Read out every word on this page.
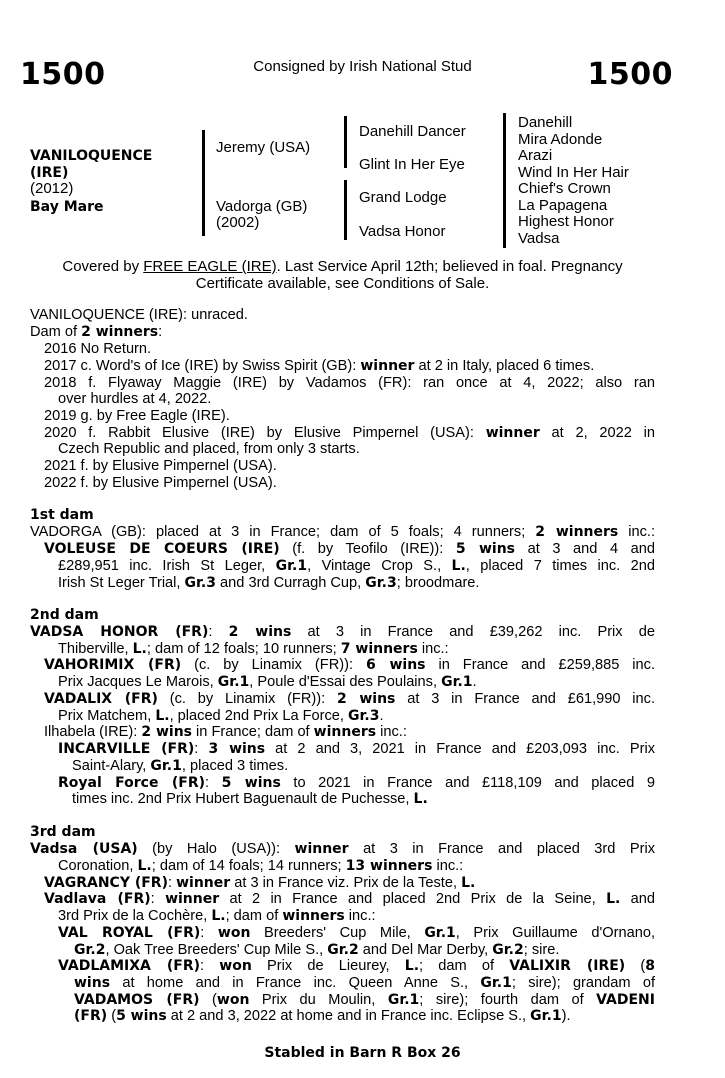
1500	1500
Consigned by Irish National Stud
VANILOQUENCE
(IRE)
(2012)
Bay Mare
Jeremy (USA)
Vadorga (GB)
(2002)
Danehill Dancer
Glint In Her Eye
Grand Lodge
Vadsa Honor
Danehill
Mira Adonde
Arazi
Wind In Her Hair
Chief's Crown
La Papagena
Highest Honor
Vadsa
Covered by FREE EAGLE (IRE). Last Service April 12th; believed in foal. Pregnancy
Certificate available, see Conditions of Sale.
VANILOQUENCE (IRE): unraced.
Dam of 2 winners:
2016 No Return.
2017 c. Word's of Ice (IRE) by Swiss Spirit (GB): winner at 2 in Italy, placed 6 times.
2018 f. Flyaway Maggie (IRE) by Vadamos (FR): ran once at 4, 2022; also ran
over hurdles at 4, 2022.
2019 g. by Free Eagle (IRE).
2020 f. Rabbit Elusive (IRE) by Elusive Pimpernel (USA): winner at 2, 2022 in
Czech Republic and placed, from only 3 starts.
2021 f. by Elusive Pimpernel (USA).
2022 f. by Elusive Pimpernel (USA).
1st dam
VADORGA (GB): placed at 3 in France; dam of 5 foals; 4 runners; 2 winners inc.:
VOLEUSE DE COEURS (IRE) (f. by Teofilo (IRE)): 5 wins at 3 and 4 and
£289,951 inc. Irish St Leger, Gr.1, Vintage Crop S., L., placed 7 times inc. 2nd
Irish St Leger Trial, Gr.3 and 3rd Curragh Cup, Gr.3; broodmare.
2nd dam
VADSA HONOR (FR): 2 wins at 3 in France and £39,262 inc. Prix de
Thiberville, L.; dam of 12 foals; 10 runners; 7 winners inc.:
VAHORIMIX (FR) (c. by Linamix (FR)): 6 wins in France and £259,885 inc.
Prix Jacques Le Marois, Gr.1, Poule d'Essai des Poulains, Gr.1.
VADALIX (FR) (c. by Linamix (FR)): 2 wins at 3 in France and £61,990 inc.
Prix Matchem, L., placed 2nd Prix La Force, Gr.3.
Ilhabela (IRE): 2 wins in France; dam of winners inc.:
INCARVILLE (FR): 3 wins at 2 and 3, 2021 in France and £203,093 inc. Prix
Saint-Alary, Gr.1, placed 3 times.
Royal Force (FR): 5 wins to 2021 in France and £118,109 and placed 9
times inc. 2nd Prix Hubert Baguenault de Puchesse, L.
3rd dam
Vadsa (USA) (by Halo (USA)): winner at 3 in France and placed 3rd Prix
Coronation, L.; dam of 14 foals; 14 runners; 13 winners inc.:
VAGRANCY (FR): winner at 3 in France viz. Prix de la Teste, L.
Vadlava (FR): winner at 2 in France and placed 2nd Prix de la Seine, L. and
3rd Prix de la Cochère, L.; dam of winners inc.:
VAL ROYAL (FR): won Breeders' Cup Mile, Gr.1, Prix Guillaume d'Ornano,
Gr.2, Oak Tree Breeders' Cup Mile S., Gr.2 and Del Mar Derby, Gr.2; sire.
VADLAMIXA (FR): won Prix de Lieurey, L.; dam of VALIXIR (IRE) (8
wins at home and in France inc. Queen Anne S., Gr.1; sire); grandam of
VADAMOS (FR) (won Prix du Moulin, Gr.1; sire); fourth dam of VADENI
(FR) (5 wins at 2 and 3, 2022 at home and in France inc. Eclipse S., Gr.1).
Stabled in Barn R Box 26
